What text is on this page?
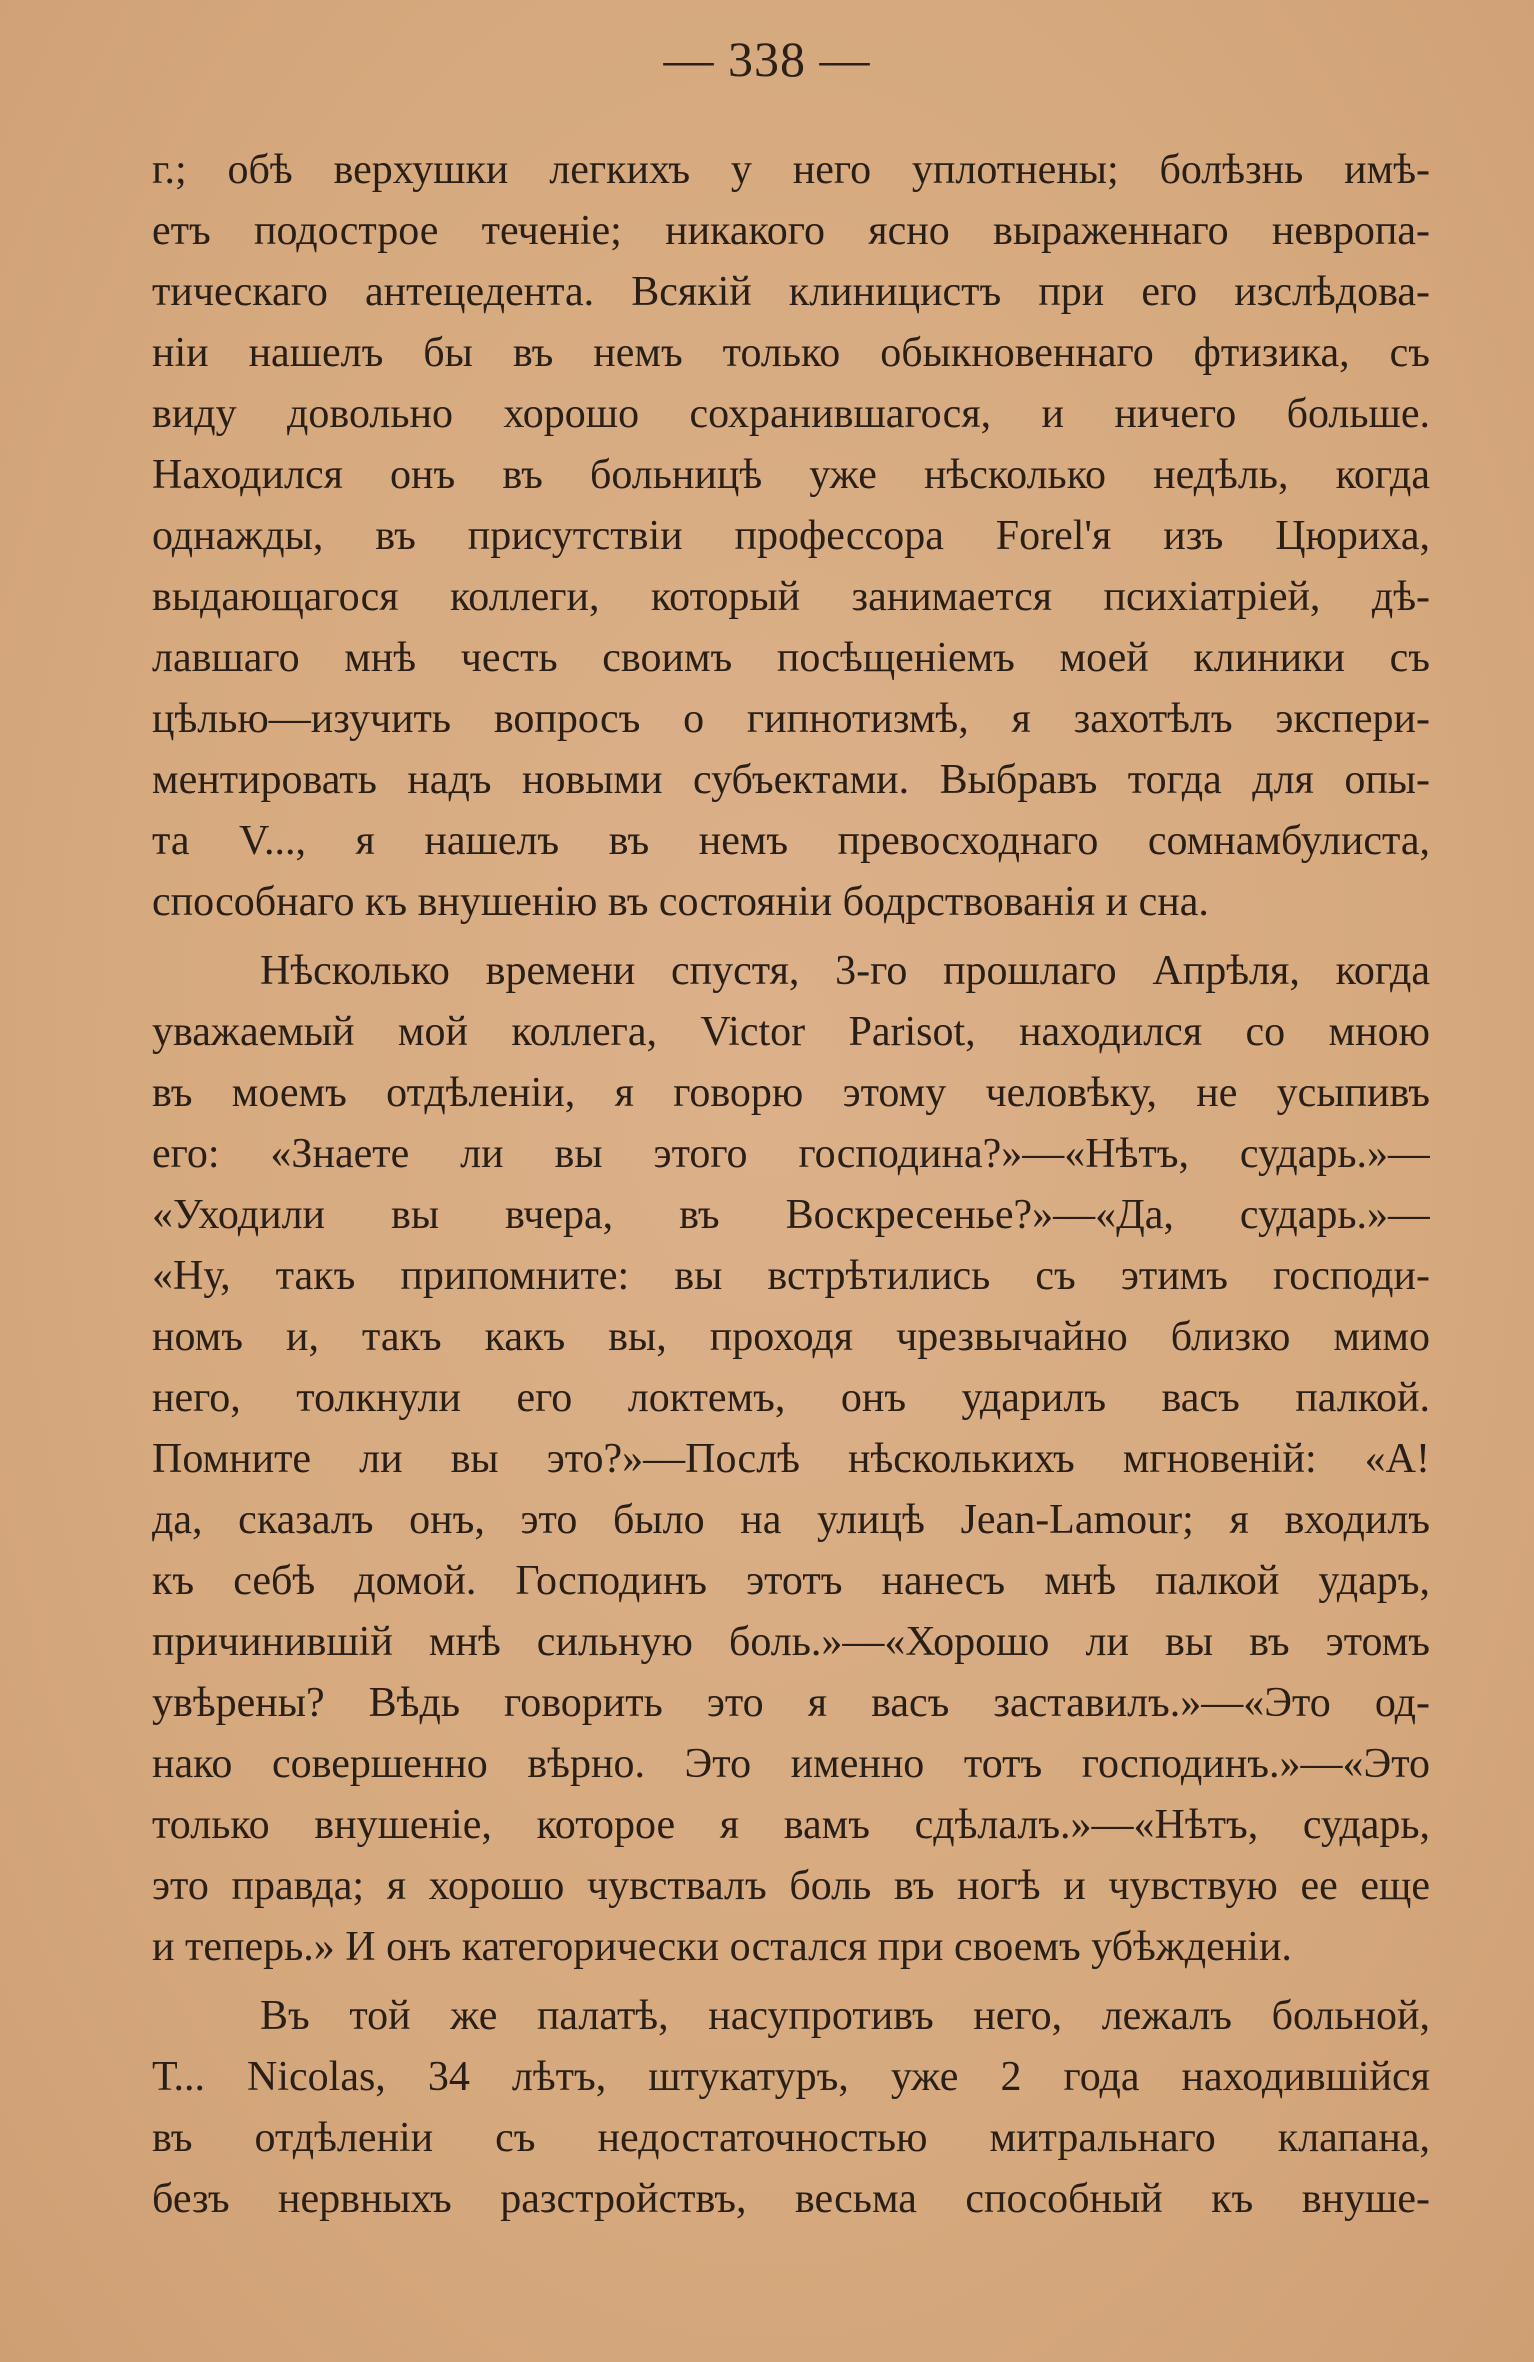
— 338 —
г.; обѣ верхушки легкихъ у него уплотнены; болѣзнь имѣ-
етъ подострое теченіе; никакого ясно выраженнаго невропа-
тическаго антецедента. Всякій клиницистъ при его изслѣдова-
ніи нашелъ бы въ немъ только обыкновеннаго фтизика, съ
виду довольно хорошо сохранившагося, и ничего больше.
Находился онъ въ больницѣ уже нѣсколько недѣль, когда
однажды, въ присутствіи профессора Forel'я изъ Цюриха,
выдающагося коллеги, который занимается психіатріей, дѣ-
лавшаго мнѣ честь своимъ посѣщеніемъ моей клиники съ
цѣлью—изучить вопросъ о гипнотизмѣ, я захотѣлъ экспери-
ментировать надъ новыми субъектами. Выбравъ тогда для опы-
та V..., я нашелъ въ немъ превосходнаго сомнамбулиста,
способнаго къ внушенію въ состояніи бодрствованія и сна.
Нѣсколько времени спустя, 3-го прошлаго Апрѣля, когда
уважаемый мой коллега, Victor Parisot, находился со мною
въ моемъ отдѣленіи, я говорю этому человѣку, не усыпивъ
его: «Знаете ли вы этого господина?»—«Нѣтъ, сударь.»—
«Уходили вы вчера, въ Воскресенье?»—«Да, сударь.»—
«Ну, такъ припомните: вы встрѣтились съ этимъ господи-
номъ и, такъ какъ вы, проходя чрезвычайно близко мимо
него, толкнули его локтемъ, онъ ударилъ васъ палкой.
Помните ли вы это?»—Послѣ нѣсколькихъ мгновеній: «А!
да, сказалъ онъ, это было на улицѣ Jean-Lamour; я входилъ
къ себѣ домой. Господинъ этотъ нанесъ мнѣ палкой ударъ,
причинившій мнѣ сильную боль.»—«Хорошо ли вы въ этомъ
увѣрены? Вѣдь говорить это я васъ заставилъ.»—«Это од-
нако совершенно вѣрно. Это именно тотъ господинъ.»—«Это
только внушеніе, которое я вамъ сдѣлалъ.»—«Нѣтъ, сударь,
это правда; я хорошо чувствалъ боль въ ногѣ и чувствую ее еще
и теперь.» И онъ категорически остался при своемъ убѣжденіи.
Въ той же палатѣ, насупротивъ него, лежалъ больной,
Т... Nicolas, 34 лѣтъ, штукатуръ, уже 2 года находившійся
въ отдѣленіи съ недостаточностью митральнаго клапана,
безъ нервныхъ разстройствъ, весьма способный къ внуше-
